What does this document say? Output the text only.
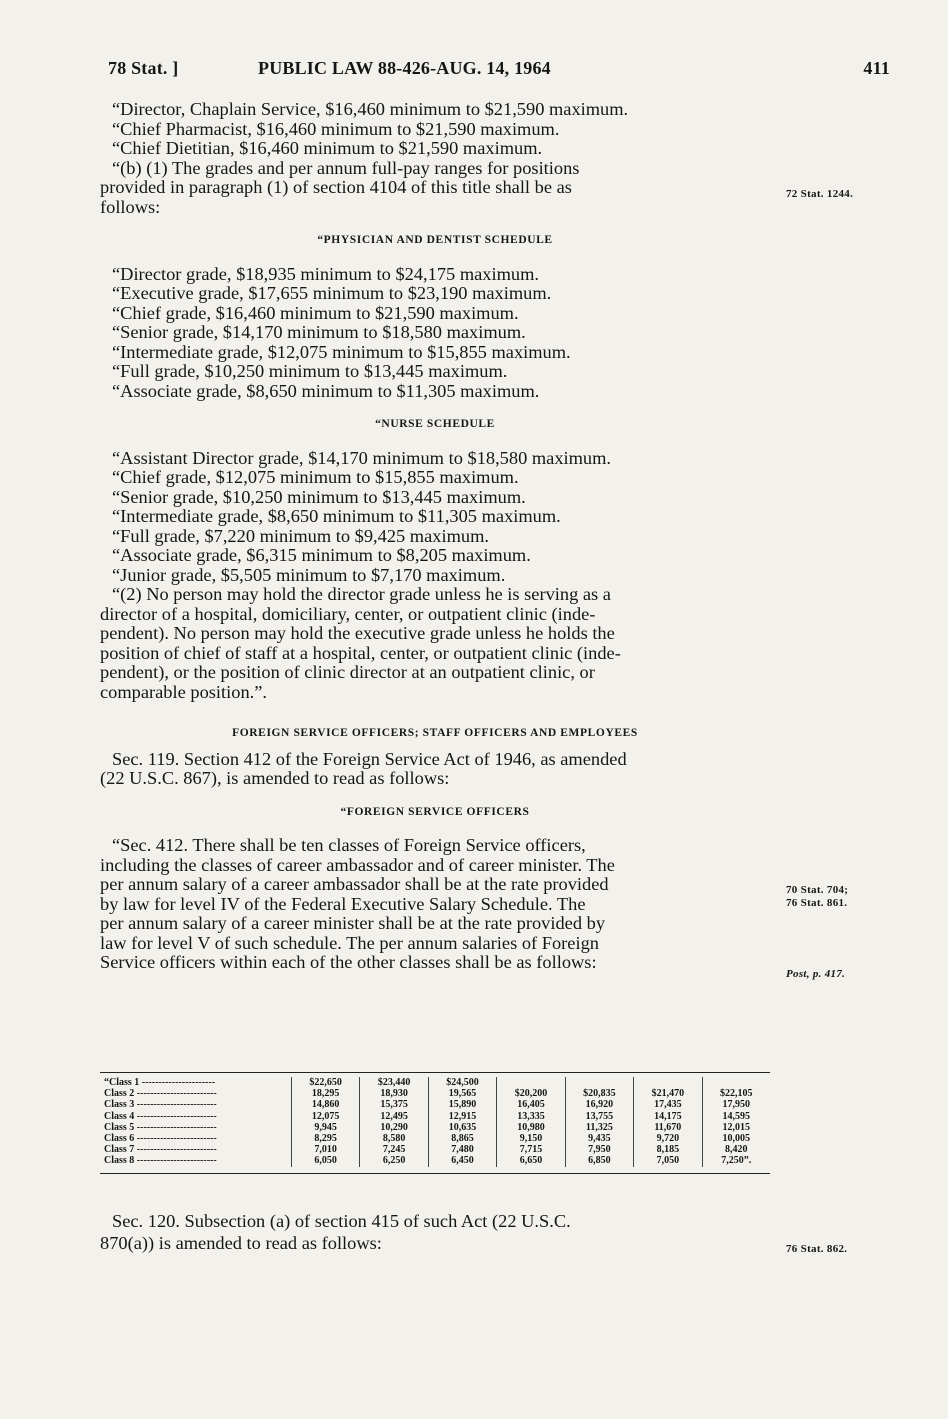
78 Stat. ]	PUBLIC LAW 88-426-AUG. 14, 1964	411
“Director, Chaplain Service, $16,460 minimum to $21,590 maximum.
“Chief Pharmacist, $16,460 minimum to $21,590 maximum.
“Chief Dietitian, $16,460 minimum to $21,590 maximum.
“(b) (1) The grades and per annum full-pay ranges for positions
provided in paragraph (1) of section 4104 of this title shall be as
follows:
“PHYSICIAN AND DENTIST SCHEDULE
“Director grade, $18,935 minimum to $24,175 maximum.
“Executive grade, $17,655 minimum to $23,190 maximum.
“Chief grade, $16,460 minimum to $21,590 maximum.
“Senior grade, $14,170 minimum to $18,580 maximum.
“Intermediate grade, $12,075 minimum to $15,855 maximum.
“Full grade, $10,250 minimum to $13,445 maximum.
“Associate grade, $8,650 minimum to $11,305 maximum.
“NURSE SCHEDULE
“Assistant Director grade, $14,170 minimum to $18,580 maximum.
“Chief grade, $12,075 minimum to $15,855 maximum.
“Senior grade, $10,250 minimum to $13,445 maximum.
“Intermediate grade, $8,650 minimum to $11,305 maximum.
“Full grade, $7,220 minimum to $9,425 maximum.
“Associate grade, $6,315 minimum to $8,205 maximum.
“Junior grade, $5,505 minimum to $7,170 maximum.
“(2) No person may hold the director grade unless he is serving as a
director of a hospital, domiciliary, center, or outpatient clinic (inde-
pendent). No person may hold the executive grade unless he holds the
position of chief of staff at a hospital, center, or outpatient clinic (inde-
pendent), or the position of clinic director at an outpatient clinic, or
comparable position.”.
FOREIGN SERVICE OFFICERS; STAFF OFFICERS AND EMPLOYEES
Sec. 119. Section 412 of the Foreign Service Act of 1946, as amended
(22 U.S.C. 867), is amended to read as follows:
“FOREIGN SERVICE OFFICERS
“Sec. 412. There shall be ten classes of Foreign Service officers,
including the classes of career ambassador and of career minister. The
per annum salary of a career ambassador shall be at the rate provided
by law for level IV of the Federal Executive Salary Schedule. The
per annum salary of a career minister shall be at the rate provided by
law for level V of such schedule. The per annum salaries of Foreign
Service officers within each of the other classes shall be as follows:
“Class 1 ----------------------	$22,650	$23,440	$24,500				
Class 2 ------------------------	18,295	18,930	19,565	$20,200	$20,835	$21,470	$22,105
Class 3 ------------------------	14,860	15,375	15,890	16,405	16,920	17,435	17,950
Class 4 ------------------------	12,075	12,495	12,915	13,335	13,755	14,175	14,595
Class 5 ------------------------	9,945	10,290	10,635	10,980	11,325	11,670	12,015
Class 6 ------------------------	8,295	8,580	8,865	9,150	9,435	9,720	10,005
Class 7 ------------------------	7,010	7,245	7,480	7,715	7,950	8,185	8,420
Class 8 ------------------------	6,050	6,250	6,450	6,650	6,850	7,050	7,250”.
Sec. 120. Subsection (a) of section 415 of such Act (22 U.S.C.
870(a)) is amended to read as follows:
72 Stat. 1244.
70 Stat. 704;
76 Stat. 861.
Post, p. 417.
76 Stat. 862.
